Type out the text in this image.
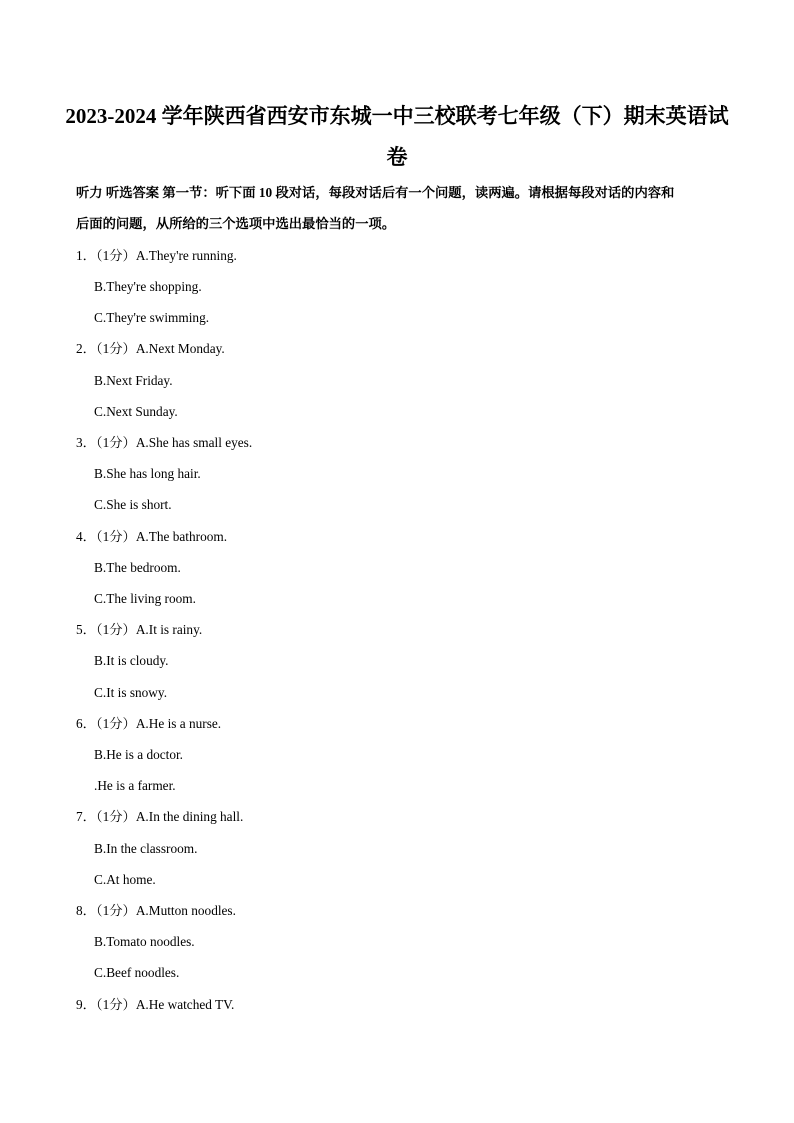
2023-2024 学年陕西省西安市东城一中三校联考七年级（下）期末英语试
卷

听力 听选答案 第一节：听下面 10 段对话，每段对话后有一个问题，读两遍。请根据每段对话的内容和

后面的问题，从所给的三个选项中选出最恰当的一项。

1．（1分）A.They're running.
B.They're shopping.
C.They're swimming.
2．（1分）A.Next Monday.
B.Next Friday.
C.Next Sunday.
3．（1分）A.She has small eyes.
B.She has long hair.
C.She is short.
4．（1分）A.The bathroom.
B.The bedroom.
C.The living room.
5．（1分）A.It is rainy.
B.It is cloudy.
C.It is snowy.
6．（1分）A.He is a nurse.
B.He is a doctor.
.He is a farmer.
7．（1分）A.In the dining hall.
B.In the classroom.
C.At home.
8．（1分）A.Mutton noodles.
B.Tomato noodles.
C.Beef noodles.
9．（1分）A.He watched TV.
